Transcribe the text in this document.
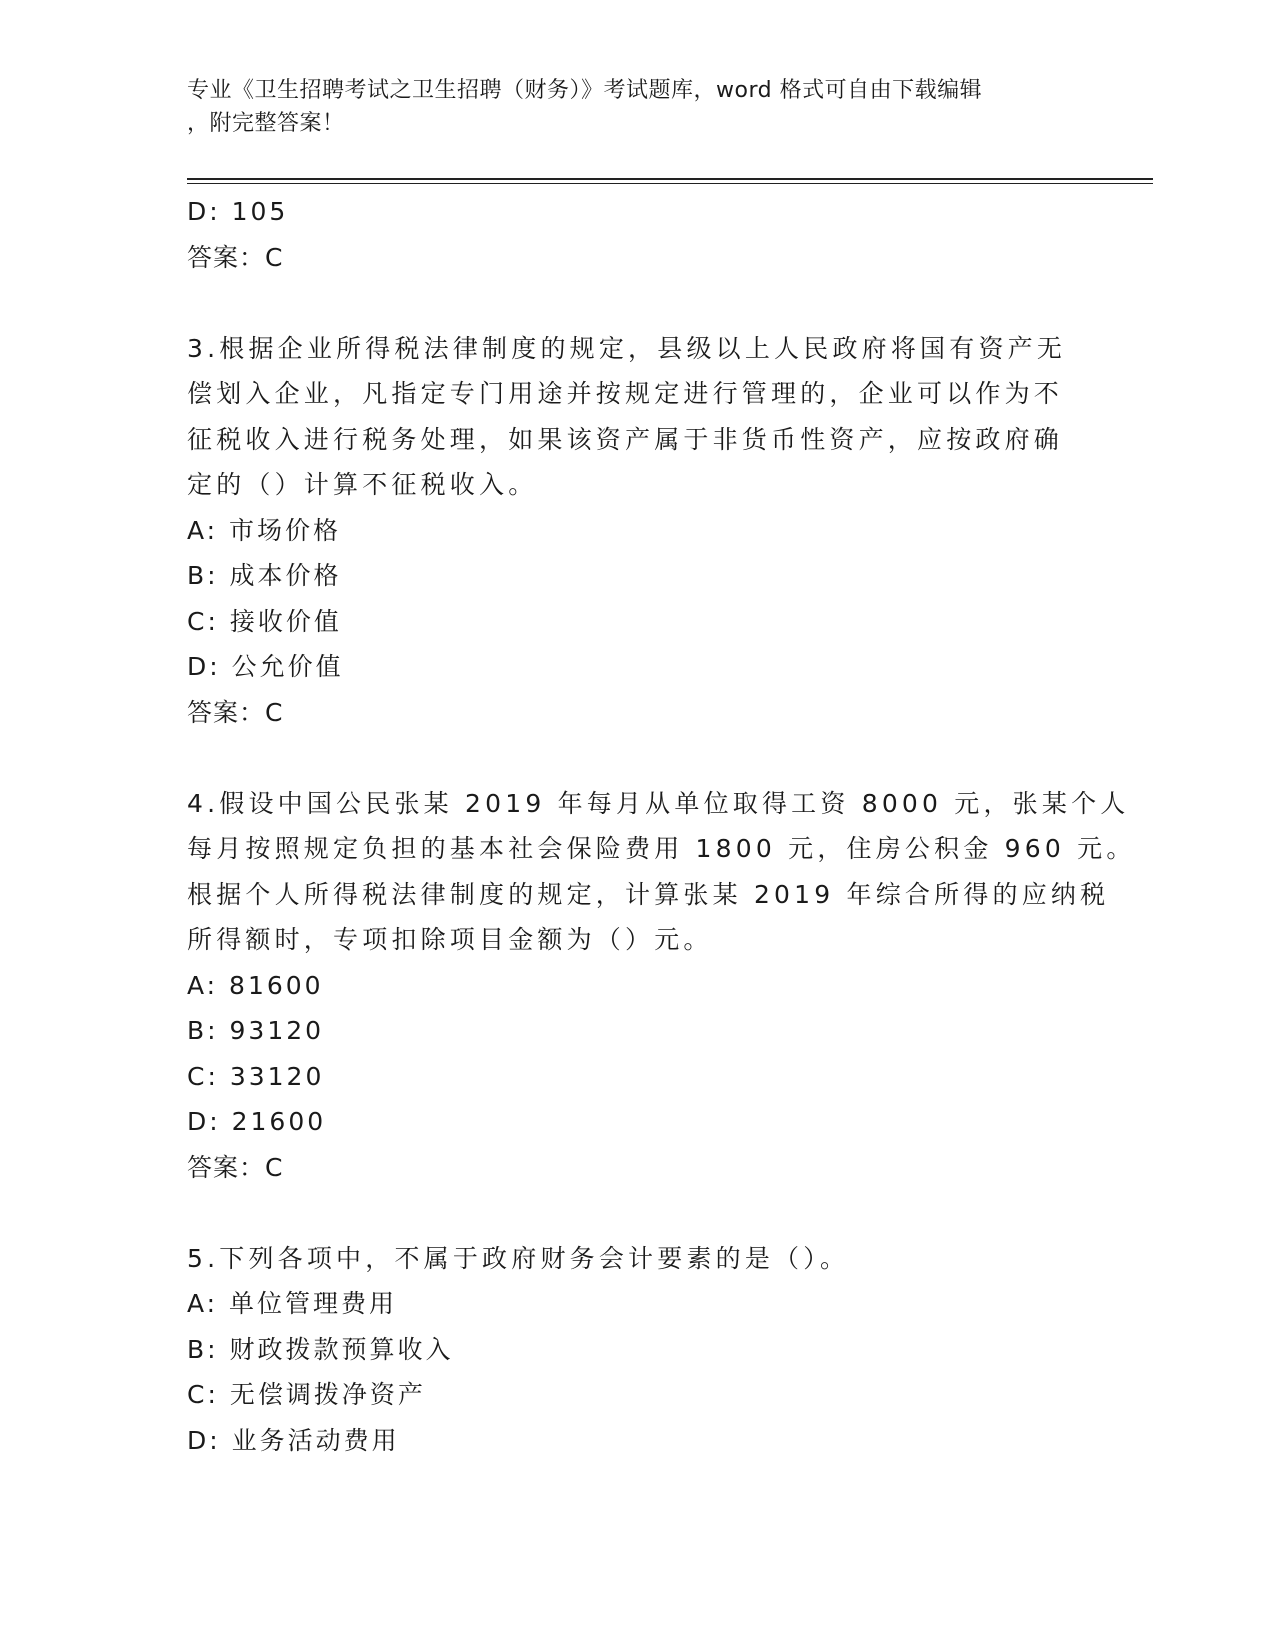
专业《卫生招聘考试之卫生招聘（财务）》考试题库，word 格式可自由下载编辑
，附完整答案！
D: 105
答案：C
3.根据企业所得税法律制度的规定，县级以上人民政府将国有资产无
偿划入企业，凡指定专门用途并按规定进行管理的，企业可以作为不
征税收入进行税务处理，如果该资产属于非货币性资产，应按政府确
定的（）计算不征税收入。
A: 市场价格
B: 成本价格
C: 接收价值
D: 公允价值
答案：C
4.假设中国公民张某 2019 年每月从单位取得工资 8000 元，张某个人
每月按照规定负担的基本社会保险费用 1800 元，住房公积金 960 元。
根据个人所得税法律制度的规定，计算张某 2019 年综合所得的应纳税
所得额时，专项扣除项目金额为（）元。
A: 81600
B: 93120
C: 33120
D: 21600
答案：C
5.下列各项中，不属于政府财务会计要素的是（）。
A: 单位管理费用
B: 财政拨款预算收入
C: 无偿调拨净资产
D: 业务活动费用
